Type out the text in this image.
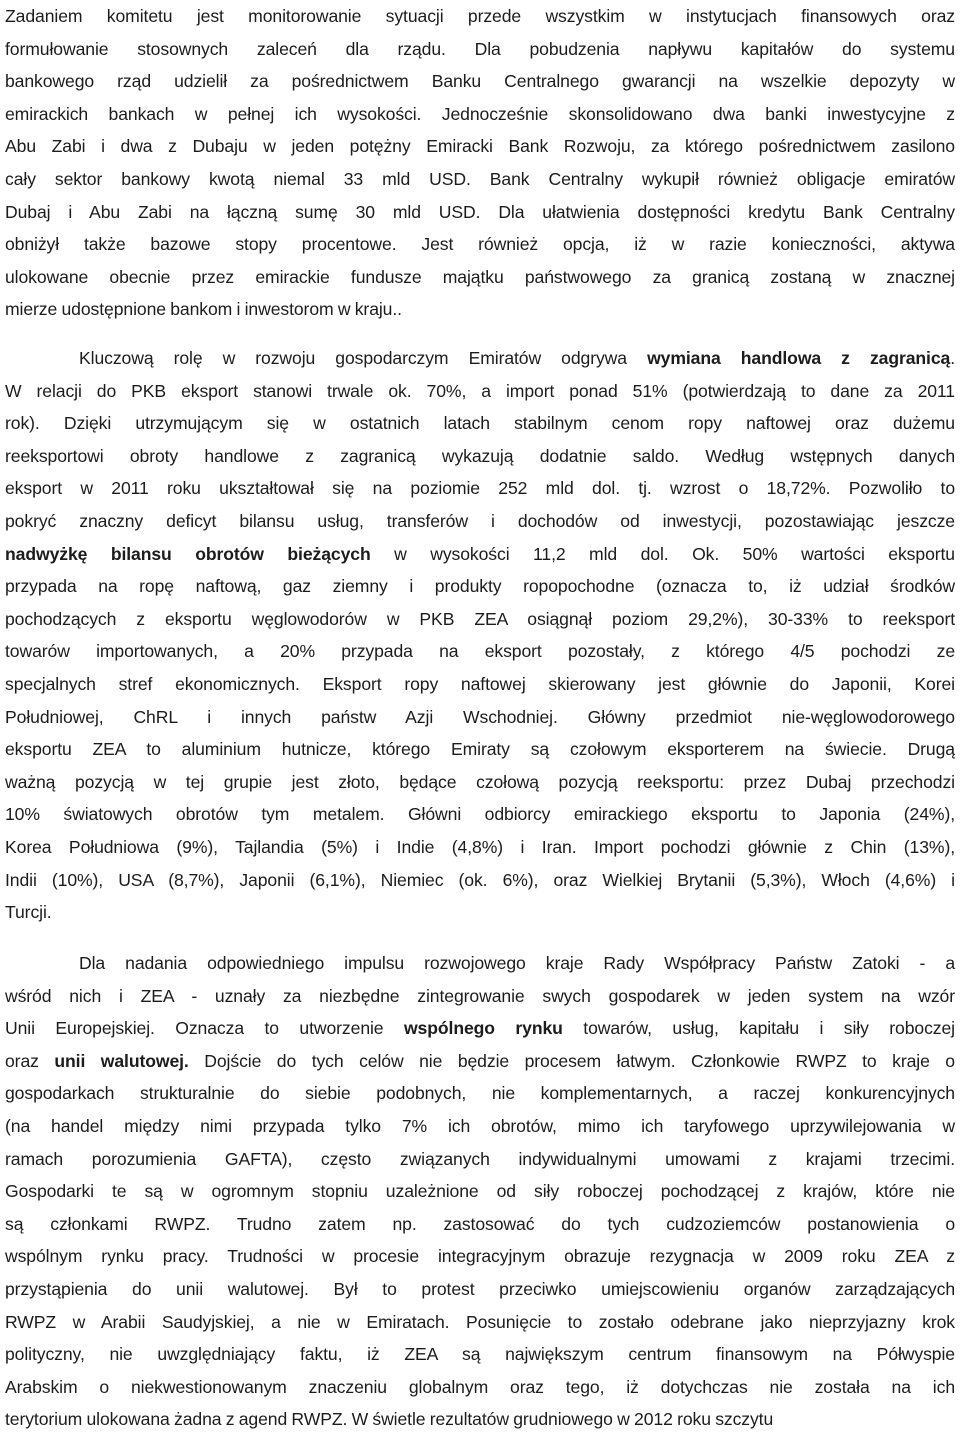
Zadaniem komitetu jest monitorowanie sytuacji przede wszystkim w instytucjach finansowych oraz
formułowanie stosownych zaleceń dla rządu. Dla pobudzenia napływu kapitałów do systemu
bankowego rząd udzielił za pośrednictwem Banku Centralnego gwarancji na wszelkie depozyty w
emirackich bankach w pełnej ich wysokości. Jednocześnie skonsolidowano dwa banki inwestycyjne z
Abu Zabi i dwa z Dubaju w jeden potężny Emiracki Bank Rozwoju, za którego pośrednictwem zasilono
cały sektor bankowy kwotą niemal 33 mld USD. Bank Centralny wykupił również obligacje emiratów
Dubaj i Abu Zabi na łączną sumę 30 mld USD. Dla ułatwienia dostępności kredytu Bank Centralny
obniżył także bazowe stopy procentowe. Jest również opcja, iż w razie konieczności, aktywa
ulokowane obecnie przez emirackie fundusze majątku państwowego za granicą zostaną w znacznej
mierze udostępnione bankom i inwestorom w kraju..

Kluczową rolę w rozwoju gospodarczym Emiratów odgrywa wymiana handlowa z zagranicą.
W relacji do PKB eksport stanowi trwale ok. 70%, a import ponad 51% (potwierdzają to dane za 2011
rok). Dzięki utrzymującym się w ostatnich latach stabilnym cenom ropy naftowej oraz dużemu
reeksportowi obroty handlowe z zagranicą wykazują dodatnie saldo. Według wstępnych danych
eksport w 2011 roku ukształtował się na poziomie 252 mld dol. tj. wzrost o 18,72%. Pozwoliło to
pokryć znaczny deficyt bilansu usług, transferów i dochodów od inwestycji, pozostawiając jeszcze
nadwyżkę bilansu obrotów bieżących w wysokości 11,2 mld dol. Ok. 50% wartości eksportu
przypada na ropę naftową, gaz ziemny i produkty ropopochodne (oznacza to, iż udział środków
pochodzących z eksportu węglowodorów w PKB ZEA osiągnął poziom 29,2%), 30-33% to reeksport
towarów importowanych, a 20% przypada na eksport pozostały, z którego 4/5 pochodzi ze
specjalnych stref ekonomicznych. Eksport ropy naftowej skierowany jest głównie do Japonii, Korei
Południowej, ChRL i innych państw Azji Wschodniej. Główny przedmiot nie-węglowodorowego
eksportu ZEA to aluminium hutnicze, którego Emiraty są czołowym eksporterem na świecie. Drugą
ważną pozycją w tej grupie jest złoto, będące czołową pozycją reeksportu: przez Dubaj przechodzi
10% światowych obrotów tym metalem. Główni odbiorcy emirackiego eksportu to Japonia (24%),
Korea Południowa (9%), Tajlandia (5%) i Indie (4,8%) i Iran. Import pochodzi głównie z Chin (13%),
Indii (10%), USA (8,7%), Japonii (6,1%), Niemiec (ok. 6%), oraz Wielkiej Brytanii (5,3%), Włoch (4,6%) i
Turcji.

Dla nadania odpowiedniego impulsu rozwojowego kraje Rady Współpracy Państw Zatoki - a
wśród nich i ZEA - uznały za niezbędne zintegrowanie swych gospodarek w jeden system na wzór
Unii Europejskiej. Oznacza to utworzenie wspólnego rynku towarów, usług, kapitału i siły roboczej
oraz unii walutowej. Dojście do tych celów nie będzie procesem łatwym. Członkowie RWPZ to kraje o
gospodarkach strukturalnie do siebie podobnych, nie komplementarnych, a raczej konkurencyjnych
(na handel między nimi przypada tylko 7% ich obrotów, mimo ich taryfowego uprzywilejowania w
ramach porozumienia GAFTA), często związanych indywidualnymi umowami z krajami trzecimi.
Gospodarki te są w ogromnym stopniu uzależnione od siły roboczej pochodzącej z krajów, które nie
są członkami RWPZ. Trudno zatem np. zastosować do tych cudzoziemców postanowienia o
wspólnym rynku pracy. Trudności w procesie integracyjnym obrazuje rezygnacja w 2009 roku ZEA z
przystąpienia do unii walutowej. Był to protest przeciwko umiejscowieniu organów zarządzających
RWPZ w Arabii Saudyjskiej, a nie w Emiratach. Posunięcie to zostało odebrane jako nieprzyjazny krok
polityczny, nie uwzględniający faktu, iż ZEA są największym centrum finansowym na Półwyspie
Arabskim o niekwestionowanym znaczeniu globalnym oraz tego, iż dotychczas nie została na ich
terytorium ulokowana żadna z agend RWPZ. W świetle rezultatów grudniowego w 2012 roku szczytu
